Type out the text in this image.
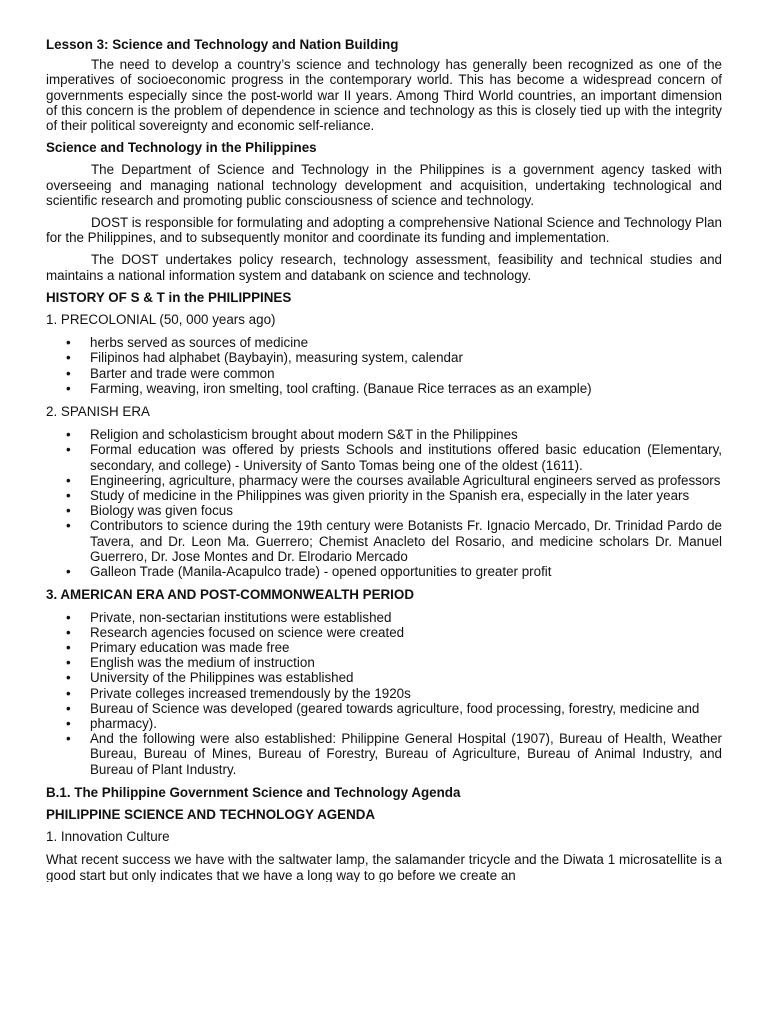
Lesson 3: Science and Technology and Nation Building

The need to develop a country’s science and technology has generally been recognized as one of the imperatives of socioeconomic progress in the contemporary world. This has become a widespread concern of governments especially since the post-world war II years. Among Third World countries, an important dimension of this concern is the problem of dependence in science and technology as this is closely tied up with the integrity of their political sovereignty and economic self-reliance.

Science and Technology in the Philippines

The Department of Science and Technology in the Philippines is a government agency tasked with overseeing and managing national technology development and acquisition, undertaking technological and scientific research and promoting public consciousness of science and technology.

DOST is responsible for formulating and adopting a comprehensive National Science and Technology Plan for the Philippines, and to subsequently monitor and coordinate its funding and implementation.

The DOST undertakes policy research, technology assessment, feasibility and technical studies and maintains a national information system and databank on science and technology.

HISTORY OF S & T in the PHILIPPINES
1. PRECOLONIAL (50, 000 years ago)
• herbs served as sources of medicine
• Filipinos had alphabet (Baybayin), measuring system, calendar
• Barter and trade were common
• Farming, weaving, iron smelting, tool crafting. (Banaue Rice terraces as an example)
2. SPANISH ERA
• Religion and scholasticism brought about modern S&T in the Philippines
• Formal education was offered by priests Schools and institutions offered basic education (Elementary, secondary, and college) - University of Santo Tomas being one of the oldest (1611).
• Engineering, agriculture, pharmacy were the courses available Agricultural engineers served as professors
• Study of medicine in the Philippines was given priority in the Spanish era, especially in the later years
• Biology was given focus
• Contributors to science during the 19th century were Botanists Fr. Ignacio Mercado, Dr. Trinidad Pardo de Tavera, and Dr. Leon Ma. Guerrero; Chemist Anacleto del Rosario, and medicine scholars Dr. Manuel Guerrero, Dr. Jose Montes and Dr. Elrodario Mercado
• Galleon Trade (Manila-Acapulco trade) - opened opportunities to greater profit
3. AMERICAN ERA AND POST-COMMONWEALTH PERIOD
• Private, non-sectarian institutions were established
• Research agencies focused on science were created
• Primary education was made free
• English was the medium of instruction
• University of the Philippines was established
• Private colleges increased tremendously by the 1920s
• Bureau of Science was developed (geared towards agriculture, food processing, forestry, medicine and
• pharmacy).
• And the following were also established: Philippine General Hospital (1907), Bureau of Health, Weather Bureau, Bureau of Mines, Bureau of Forestry, Bureau of Agriculture, Bureau of Animal Industry, and Bureau of Plant Industry.
B.1. The Philippine Government Science and Technology Agenda
PHILIPPINE SCIENCE AND TECHNOLOGY AGENDA
1. Innovation Culture

What recent success we have with the saltwater lamp, the salamander tricycle and the Diwata 1 microsatellite is a good start but only indicates that we have a long way to go before we create an
